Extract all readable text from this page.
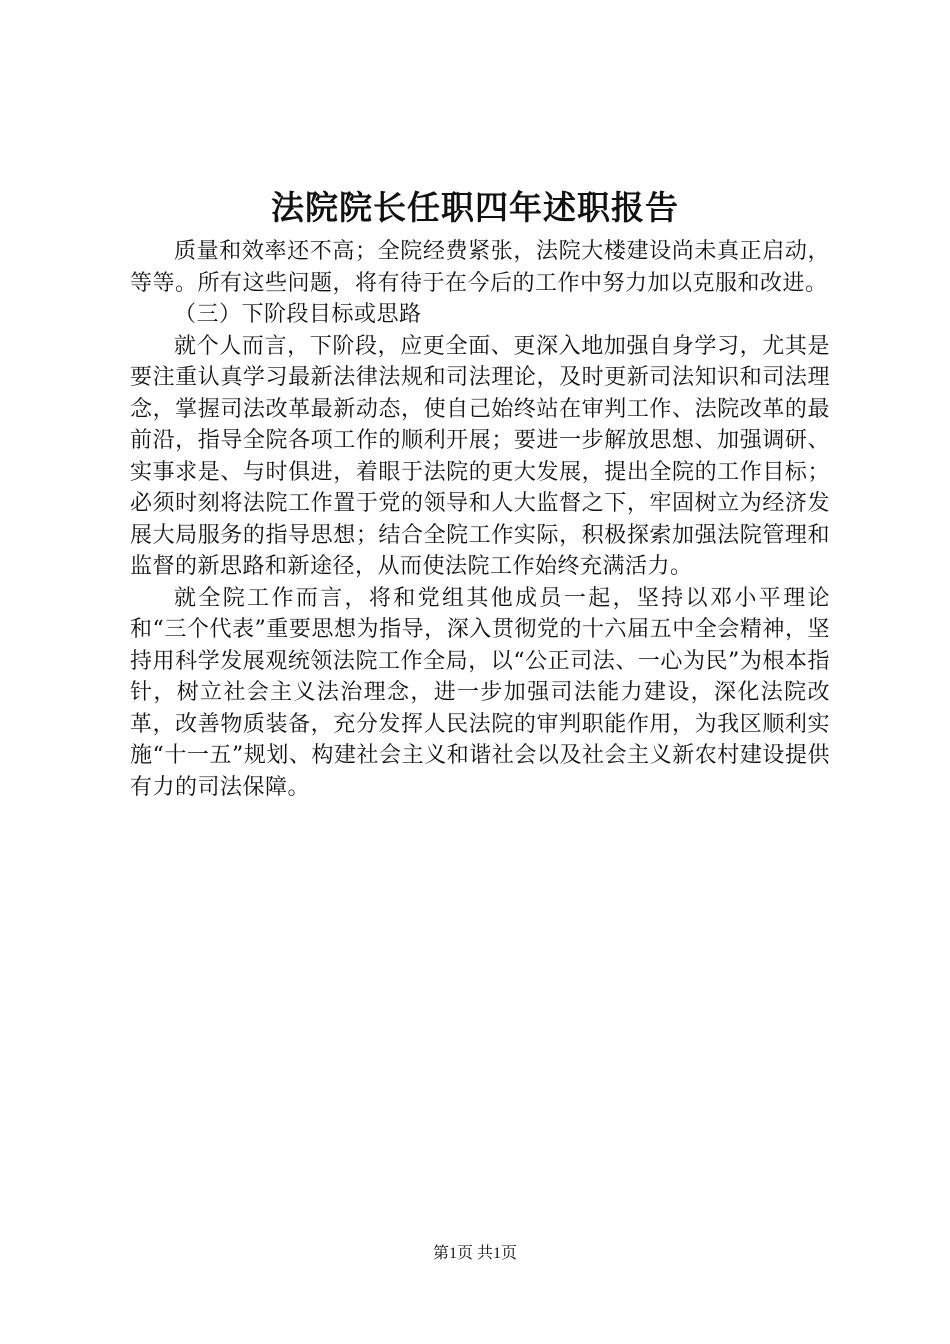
法院院长任职四年述职报告

质量和效率还不高；全院经费紧张，法院大楼建设尚未真正启动，等等。所有这些问题，将有待于在今后的工作中努力加以克服和改进。

（三）下阶段目标或思路

就个人而言，下阶段，应更全面、更深入地加强自身学习，尤其是要注重认真学习最新法律法规和司法理论，及时更新司法知识和司法理念，掌握司法改革最新动态，使自己始终站在审判工作、法院改革的最前沿，指导全院各项工作的顺利开展；要进一步解放思想、加强调研、实事求是、与时俱进，着眼于法院的更大发展，提出全院的工作目标；必须时刻将法院工作置于党的领导和人大监督之下，牢固树立为经济发展大局服务的指导思想；结合全院工作实际，积极探索加强法院管理和监督的新思路和新途径，从而使法院工作始终充满活力。

就全院工作而言，将和党组其他成员一起，坚持以邓小平理论和“三个代表”重要思想为指导，深入贯彻党的十六届五中全会精神，坚持用科学发展观统领法院工作全局，以“公正司法、一心为民”为根本指针，树立社会主义法治理念，进一步加强司法能力建设，深化法院改革，改善物质装备，充分发挥人民法院的审判职能作用，为我区顺利实施“十一五”规划、构建社会主义和谐社会以及社会主义新农村建设提供有力的司法保障。

第1页 共1页
